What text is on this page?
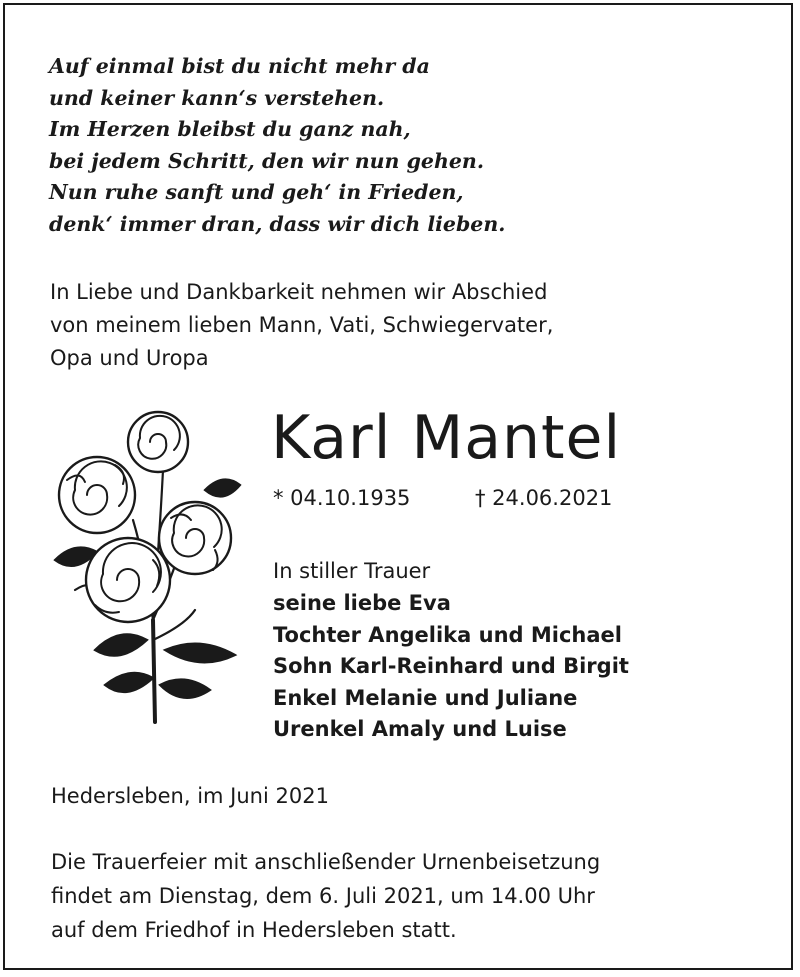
Auf einmal bist du nicht mehr da
und keiner kann‘s verstehen.
Im Herzen bleibst du ganz nah,
bei jedem Schritt, den wir nun gehen.
Nun ruhe sanft und geh‘ in Frieden,
denk‘ immer dran, dass wir dich lieben.
In Liebe und Dankbarkeit nehmen wir Abschied
von meinem lieben Mann, Vati, Schwiegervater,
Opa und Uropa
Karl Mantel
* 04.10.1935	† 24.06.2021
In stiller Trauer
seine liebe Eva
Tochter Angelika und Michael
Sohn Karl-Reinhard und Birgit
Enkel Melanie und Juliane
Urenkel Amaly und Luise
Hedersleben, im Juni 2021
Die Trauerfeier mit anschließender Urnenbeisetzung
findet am Dienstag, dem 6. Juli 2021, um 14.00 Uhr
auf dem Friedhof in Hedersleben statt.
